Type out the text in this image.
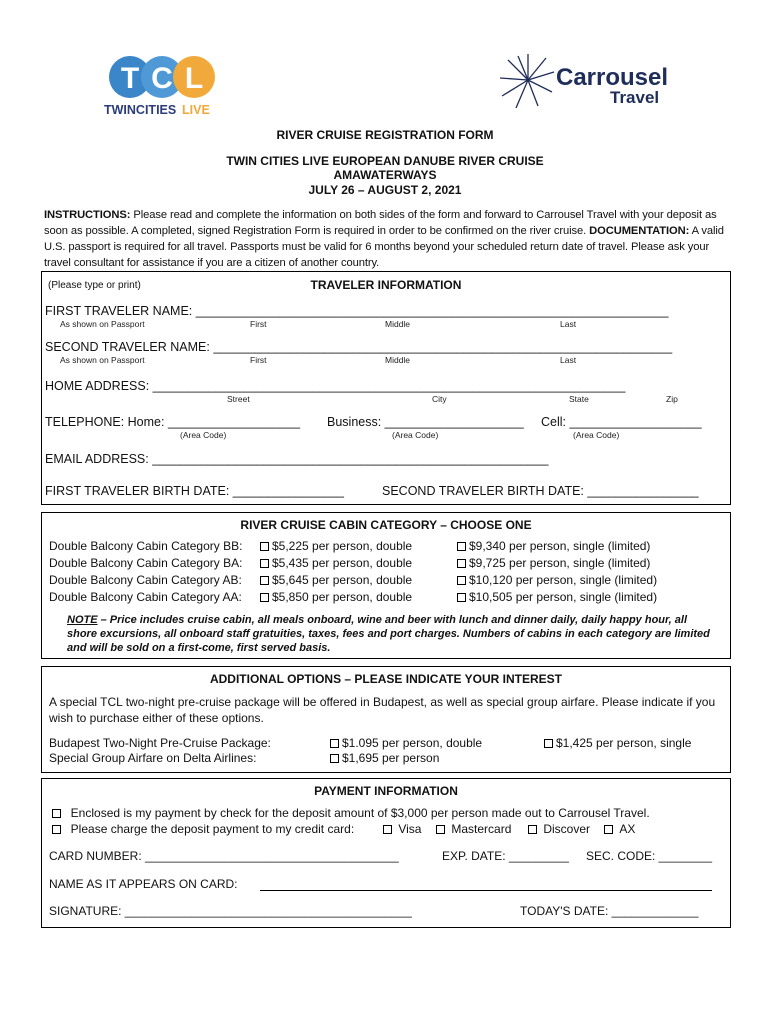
T C L
TWINCITIES LIVE
Carrousel
Travel
RIVER CRUISE REGISTRATION FORM
TWIN CITIES LIVE EUROPEAN DANUBE RIVER CRUISE
AMAWATERWAYS
JULY 26 – AUGUST 2, 2021
INSTRUCTIONS: Please read and complete the information on both sides of the form and forward to Carrousel Travel with your deposit as soon as possible. A completed, signed Registration Form is required in order to be confirmed on the river cruise. DOCUMENTATION: A valid U.S. passport is required for all travel. Passports must be valid for 6 months beyond your scheduled return date of travel. Please ask your travel consultant for assistance if you are a citizen of another country.
(Please type or print)	TRAVELER INFORMATION
FIRST TRAVELER NAME: ____________________________________________________________________
As shown on Passport	First	Middle	Last
SECOND TRAVELER NAME: __________________________________________________________________
As shown on Passport	First	Middle	Last
HOME ADDRESS: ____________________________________________________________________
Street	City	State	Zip
TELEPHONE: Home: ___________________ Business: ____________________ Cell: ___________________
(Area Code)	(Area Code)	(Area Code)
EMAIL ADDRESS: _________________________________________________________
FIRST TRAVELER BIRTH DATE: ________________	SECOND TRAVELER BIRTH DATE: ________________
RIVER CRUISE CABIN CATEGORY – CHOOSE ONE
Double Balcony Cabin Category BB:	$5,225 per person, double	$9,340 per person, single (limited)
Double Balcony Cabin Category BA:	$5,435 per person, double	$9,725 per person, single (limited)
Double Balcony Cabin Category AB:	$5,645 per person, double	$10,120 per person, single (limited)
Double Balcony Cabin Category AA:	$5,850 per person, double	$10,505 per person, single (limited)
NOTE – Price includes cruise cabin, all meals onboard, wine and beer with lunch and dinner daily, daily happy hour, all shore excursions, all onboard staff gratuities, taxes, fees and port charges. Numbers of cabins in each category are limited and will be sold on a first-come, first served basis.
ADDITIONAL OPTIONS – PLEASE INDICATE YOUR INTEREST
A special TCL two-night pre-cruise package will be offered in Budapest, as well as special group airfare. Please indicate if you wish to purchase either of these options.
Budapest Two-Night Pre-Cruise Package:	$1.095 per person, double	$1,425 per person, single
Special Group Airfare on Delta Airlines:	$1,695 per person
PAYMENT INFORMATION
Enclosed is my payment by check for the deposit amount of $3,000 per person made out to Carrousel Travel.
Please charge the deposit payment to my credit card:	Visa	Mastercard	Discover	AX
CARD NUMBER: ______________________________________	EXP. DATE: _________ SEC. CODE: ________
NAME AS IT APPEARS ON CARD:
SIGNATURE: ___________________________________________	TODAY'S DATE: _____________
